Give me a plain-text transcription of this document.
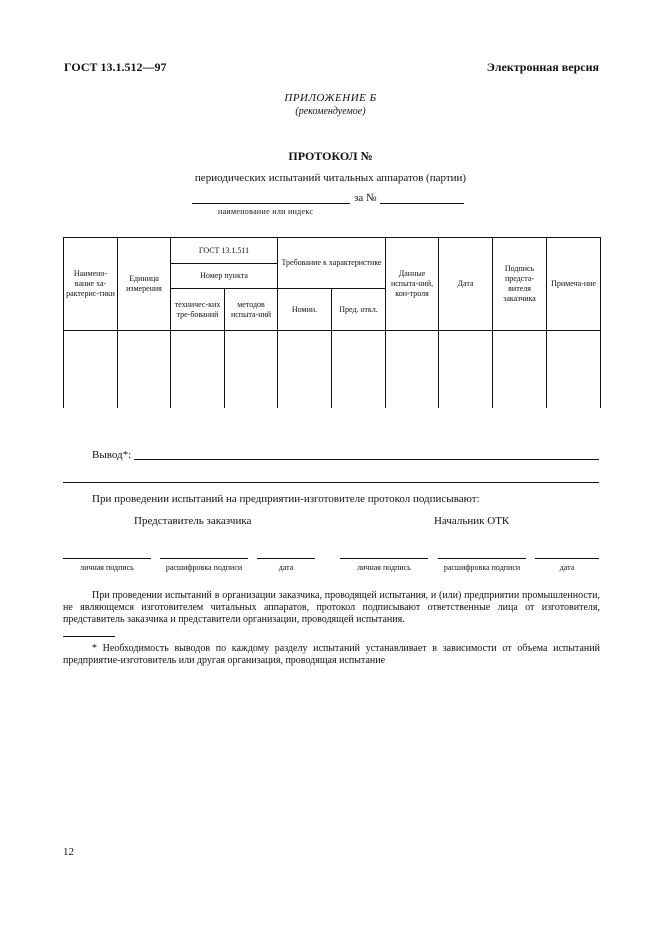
ГОСТ 13.1.512—97	Электронная версия
ПРИЛОЖЕНИЕ Б
(рекомендуемое)
ПРОТОКОЛ №
периодических испытаний читальных аппаратов (партии)
за №
наименование или индекс
Наимено-вание ха-рактерис-тики	Единица измерения	ГОСТ 13.1.511		Требование к характеристике		Данные испыта-ний, кон-троля	Дата	Подпись предста-вителя заказчика	Примеча-ние
		Номер пункта							
		техничес-ких тре-бований	методов испыта-ний	Номин.	Пред. откл.				

Вывод*:
При проведении испытаний на предприятии-изготовителе протокол подписывают:
Представитель заказчика	Начальник ОТК
личная подпись	расшифровка подписи	дата	личная подпись	расшифровка подписи	дата
При проведении испытаний в организации заказчика, проводящей испытания, и (или) предприятии промышленности, не являющемся изготовителем читальных аппаратов, протокол подписывают ответственные лица от изготовителя, представитель заказчика и представители организации, проводящей испытания.
* Необходимость выводов по каждому разделу испытаний устанавливает в зависимости от объема испытаний предприятие-изготовитель или другая организация, проводящая испытание
12
